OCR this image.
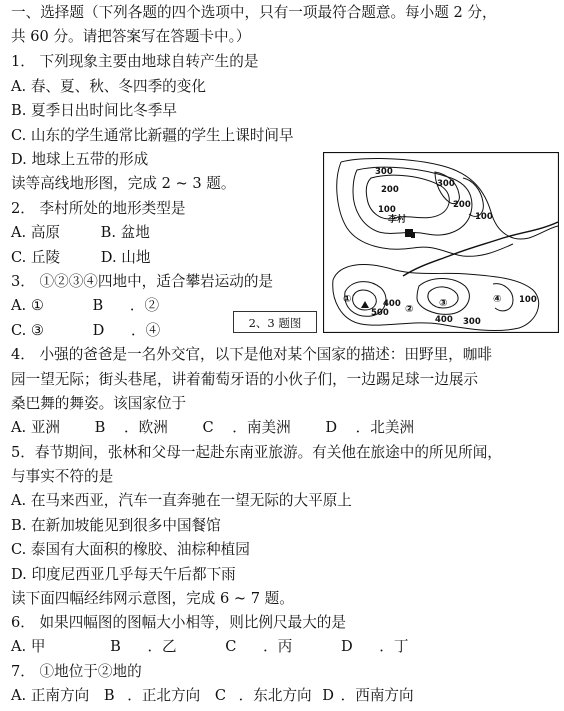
一、选择题（下列各题的四个选项中，只有一项最符合题意。每小题 2 分，
共 60 分。请把答案写在答题卡中。）
1． 下列现象主要由地球自转产生的是
A. 春、夏、秋、冬四季的变化
B. 夏季日出时间比冬季早
C. 山东的学生通常比新疆的学生上课时间早
D. 地球上五带的形成
读等高线地形图，完成 2 ~ 3 题。
2． 李村所处的地形类型是
A. 高原	B. 盆地
C. 丘陵	D. 山地
3． ①②③④四地中，适合攀岩运动的是
A. ①	B ．②
C. ③	D ．④	2、3 题图
300
200
100
300
200
100
李村
400
500
400 300
100
①
②
③	④
4． 小强的爸爸是一名外交官，以下是他对某个国家的描述：田野里，咖啡
园一望无际；街头巷尾，讲着葡萄牙语的小伙子们，一边踢足球一边展示
桑巴舞的舞姿。该国家位于
A. 亚洲 B ．欧洲 C ．南美洲 D ．北美洲
5．春节期间，张林和父母一起赴东南亚旅游。有关他在旅途中的所见所闻，
与事实不符的是
A. 在马来西亚，汽车一直奔驰在一望无际的大平原上
B. 在新加坡能见到很多中国餐馆
C. 泰国有大面积的橡胶、油棕种植园
D. 印度尼西亚几乎每天午后都下雨
读下面四幅经纬网示意图，完成 6 ~ 7 题。
6． 如果四幅图的图幅大小相等，则比例尺最大的是
A. 甲	B ．乙	C ．丙	D ．丁
7． ①地位于②地的
A. 正南方向 B ．正北方向 C ．东北方向 D ．西南方向
